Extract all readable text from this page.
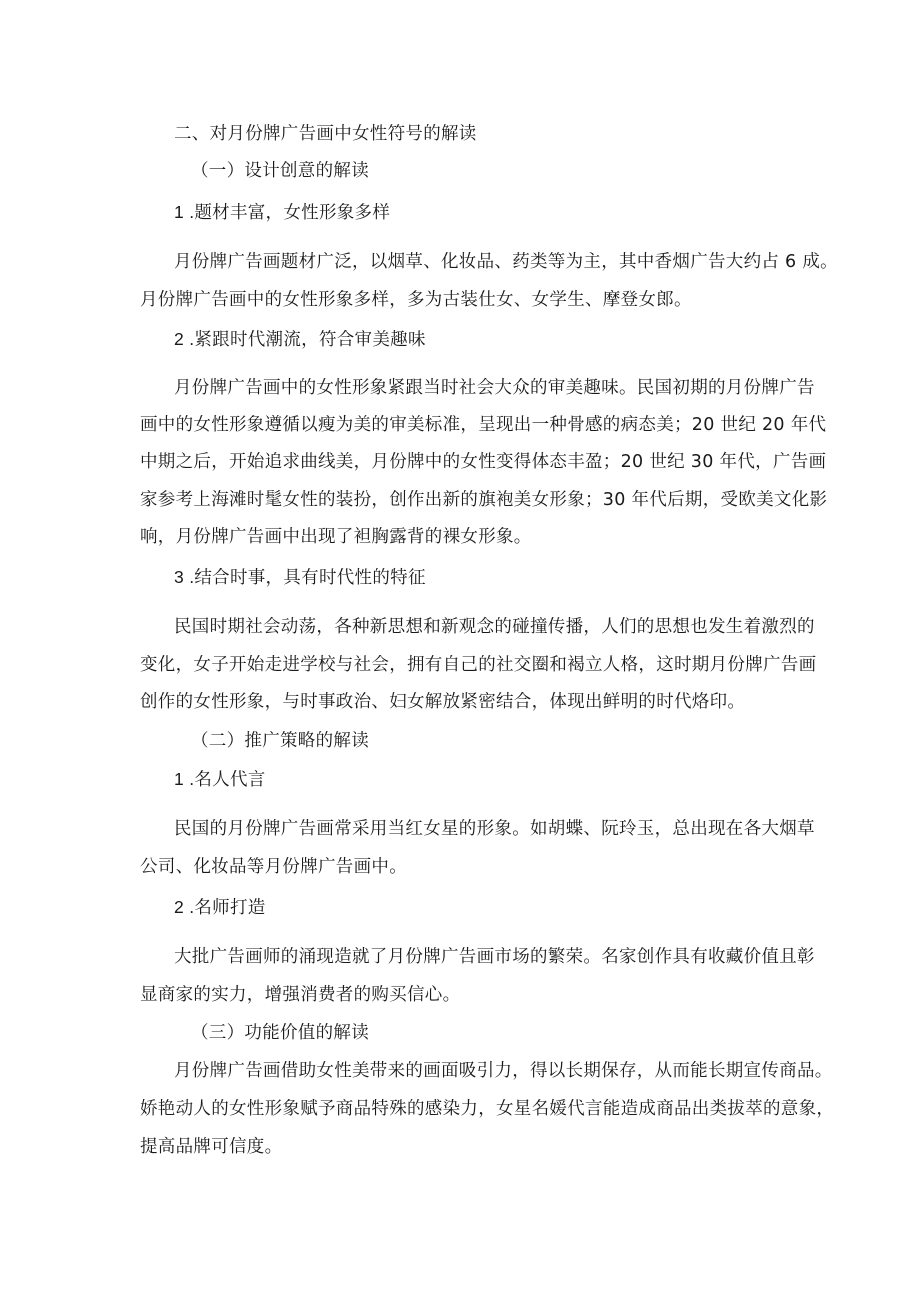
二、对月份牌广告画中女性符号的解读
（一）设计创意的解读
1 .题材丰富，女性形象多样
月份牌广告画题材广泛，以烟草、化妆品、药类等为主，其中香烟广告大约占 6 成。
月份牌广告画中的女性形象多样，多为古装仕女、女学生、摩登女郎。
2 .紧跟时代潮流，符合审美趣味
月份牌广告画中的女性形象紧跟当时社会大众的审美趣味。民国初期的月份牌广告
画中的女性形象遵循以瘦为美的审美标准，呈现出一种骨感的病态美；20 世纪 20 年代
中期之后，开始追求曲线美，月份牌中的女性变得体态丰盈；20 世纪 30 年代，广告画
家参考上海滩时髦女性的装扮，创作出新的旗袍美女形象；30 年代后期，受欧美文化影
响，月份牌广告画中出现了袒胸露背的裸女形象。
3 .结合时事，具有时代性的特征
民国时期社会动荡，各种新思想和新观念的碰撞传播，人们的思想也发生着激烈的
变化，女子开始走进学校与社会，拥有自己的社交圈和褐立人格，这时期月份牌广告画
创作的女性形象，与时事政治、妇女解放紧密结合，体现出鲜明的时代烙印。
（二）推广策略的解读
1 .名人代言
民国的月份牌广告画常采用当红女星的形象。如胡蝶、阮玲玉，总出现在各大烟草
公司、化妆品等月份牌广告画中。
2 .名师打造
大批广告画师的涌现造就了月份牌广告画市场的繁荣。名家创作具有收藏价值且彰
显商家的实力，增强消费者的购买信心。
（三）功能价值的解读
月份牌广告画借助女性美带来的画面吸引力，得以长期保存，从而能长期宣传商品。
娇艳动人的女性形象赋予商品特殊的感染力，女星名媛代言能造成商品出类拔萃的意象，
提高品牌可信度。
